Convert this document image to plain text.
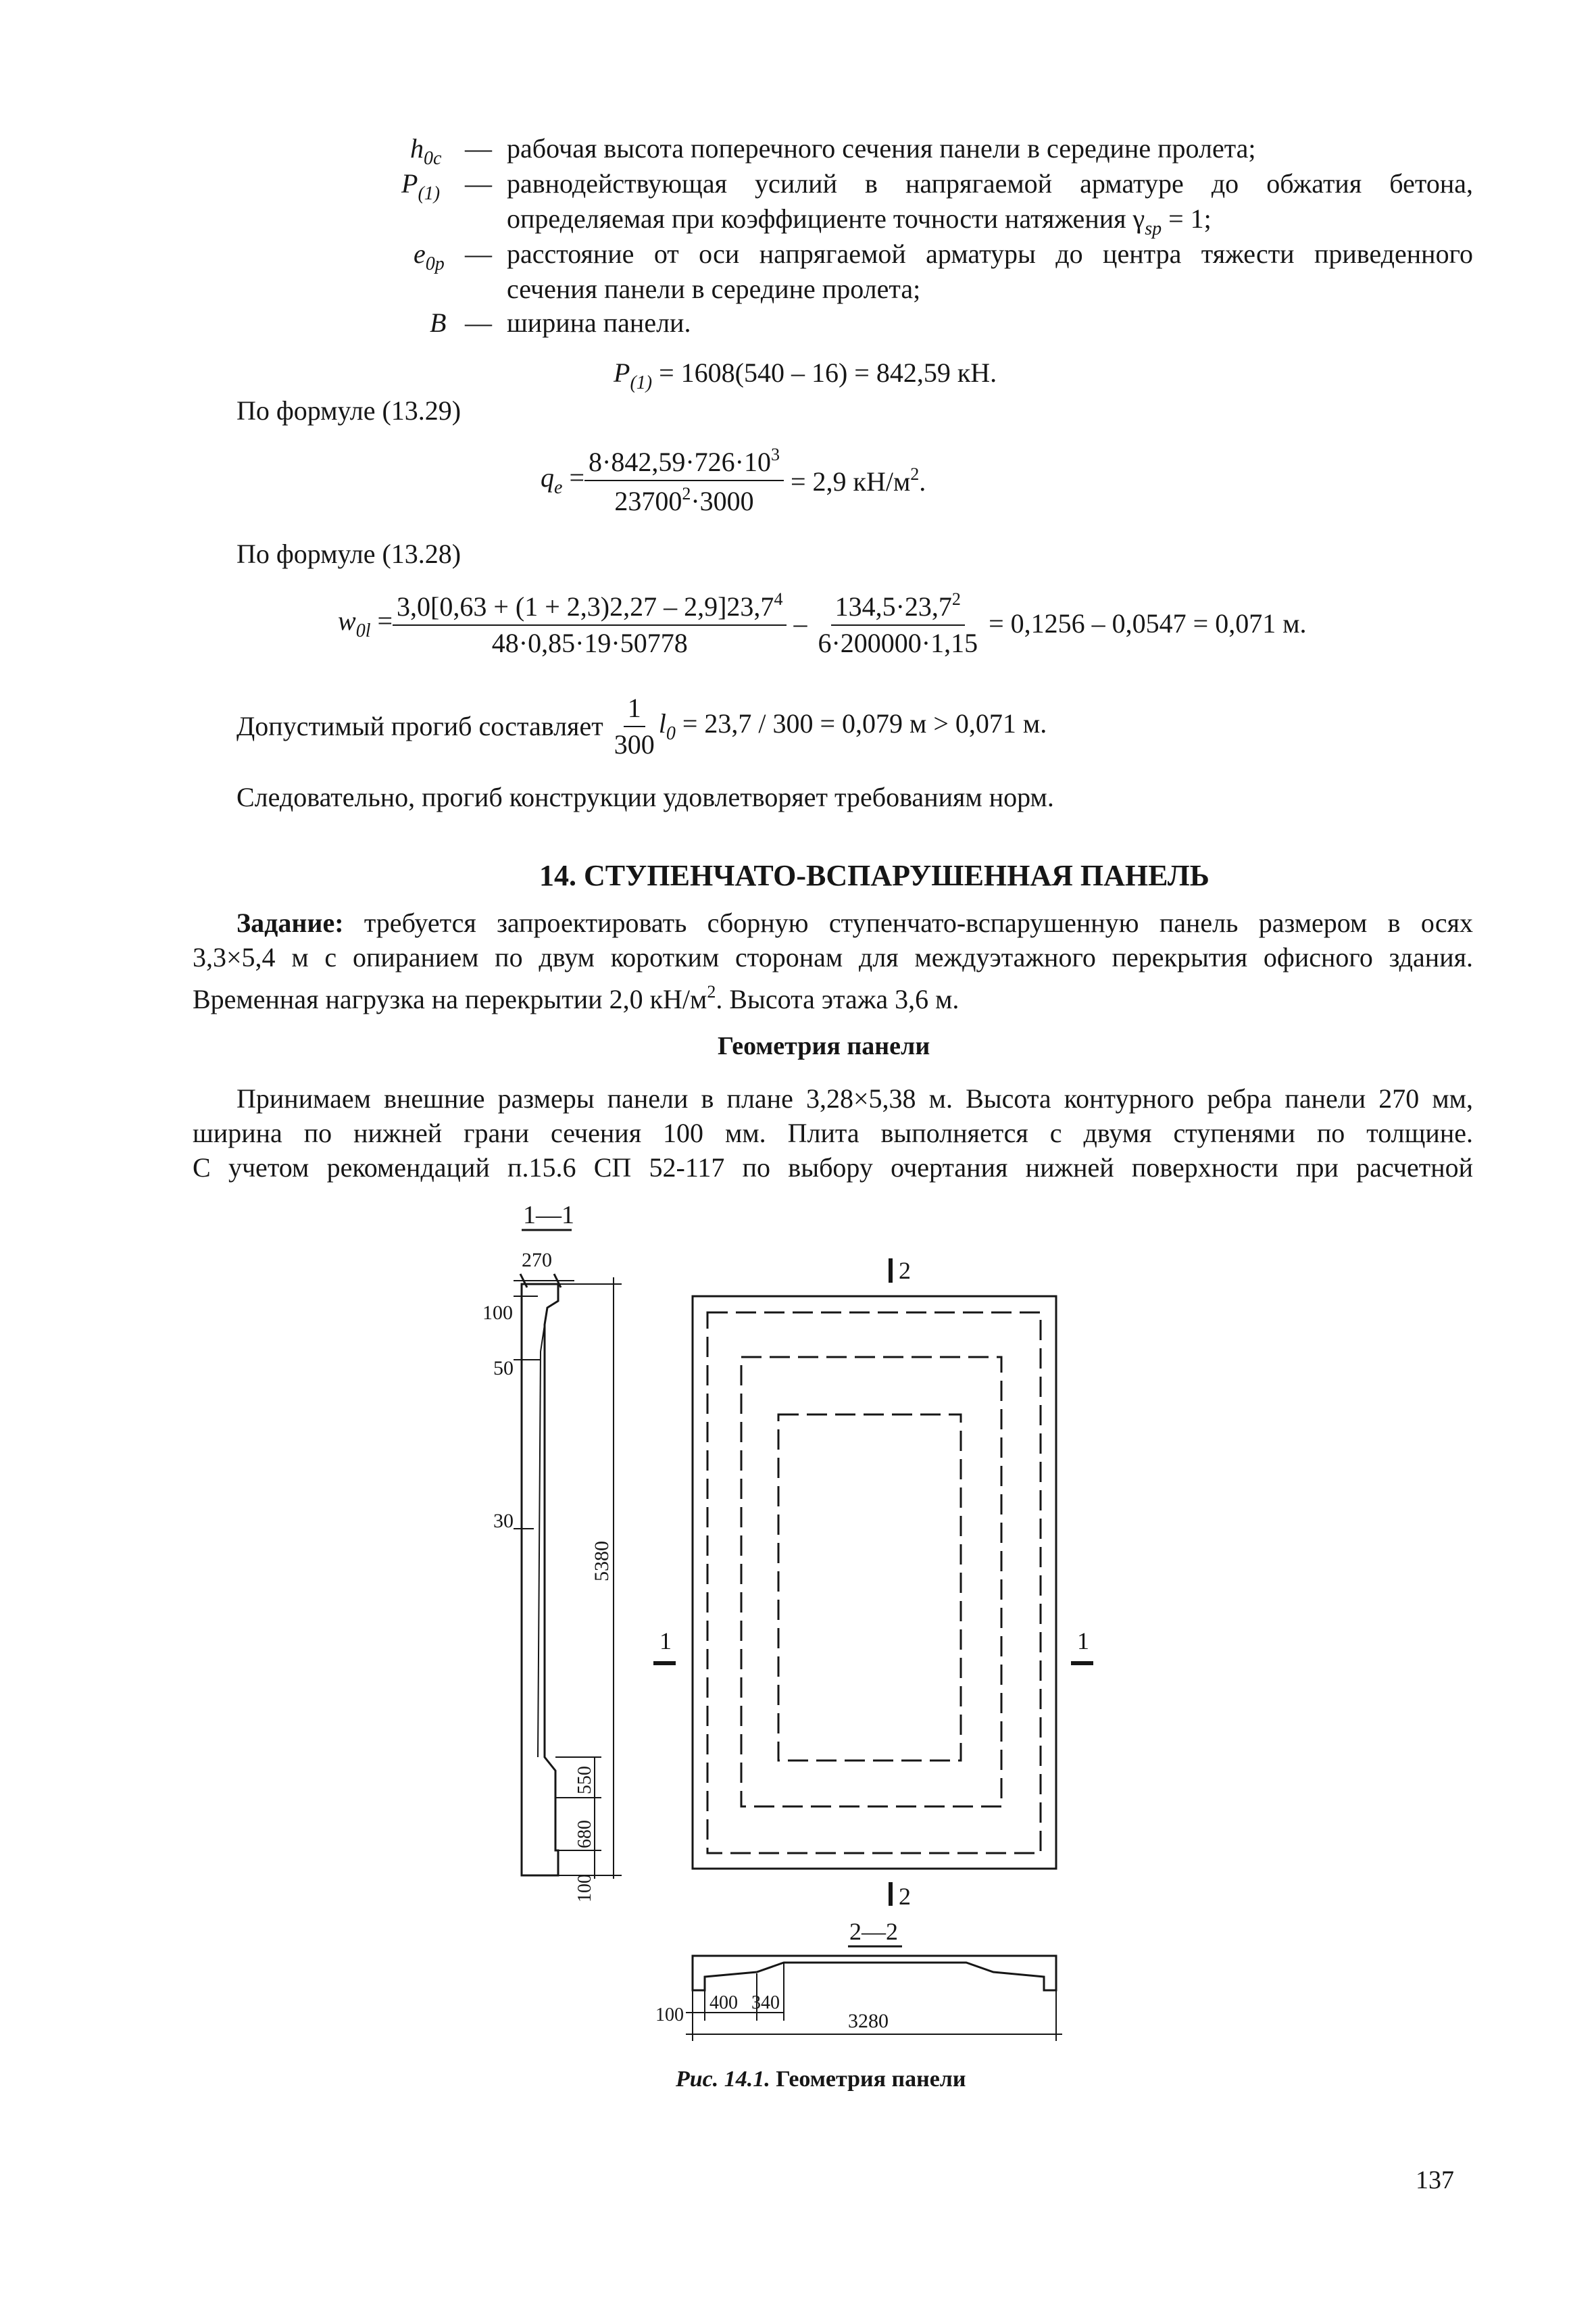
$h_{0c}$ — рабочая высота поперечного сечения панели в середине пролета;
$P_{(1)}$ — равнодействующая усилий в напрягаемой арматуре до обжатия бетона,
определяемая при коэффициенте точности натяжения $\gamma_{sp} = 1$;
$e_{0p}$ — расстояние от оси напрягаемой арматуры до центра тяжести приведенного
сечения панели в середине пролета;
B — ширина панели.
$P_{(1)} = 1608(540 - 16) = 842,59$ кН.
По формуле (13.29)
$q_e = \frac{8\cdot 842,59\cdot 726\cdot 10^3}{23700^2\cdot 3000} = 2,9$ $кН/м^2$.
По формуле (13.28)
$w_{0l} = \frac{3,0[0,63 + (1 + 2,3)2,27 - 2,9]23,7^4}{48\cdot 0,85\cdot 19\cdot 50778} - \frac{134,5\cdot 23,7^2}{6\cdot 200000\cdot 1,15} = 0,1256 - 0,0547 = 0,071$ м.
Допустимый прогиб составляет $\frac{1}{300} l_0 = 23,7 / 300 = 0,079$ м > 0,071 м.
Следовательно, прогиб конструкции удовлетворяет требованиям норм.
14. СТУПЕНЧАТО-ВСПАРУШЕННАЯ ПАНЕЛЬ
Задание: требуется запроектировать сборную ступенчато-вспарушенную панель размером в осях
3,3×5,4 м с опиранием по двум коротким сторонам для междуэтажного перекрытия офисного здания.
Временная нагрузка на перекрытии 2,0 $кН/м^2$. Высота этажа 3,6 м.
Геометрия панели
Принимаем внешние размеры панели в плане 3,28×5,38 м. Высота контурного ребра панели 270 мм,
ширина по нижней грани сечения 100 мм. Плита выполняется с двумя ступенями по толщине.
С учетом рекомендаций п.15.6 СП 52-117 по выбору очертания нижней поверхности при расчетной
1—1
270
100
50
30
5380
550
680
100
1	1
2
2
2—2
100
400 340
3280
Рис. 14.1. Геометрия панели
137
